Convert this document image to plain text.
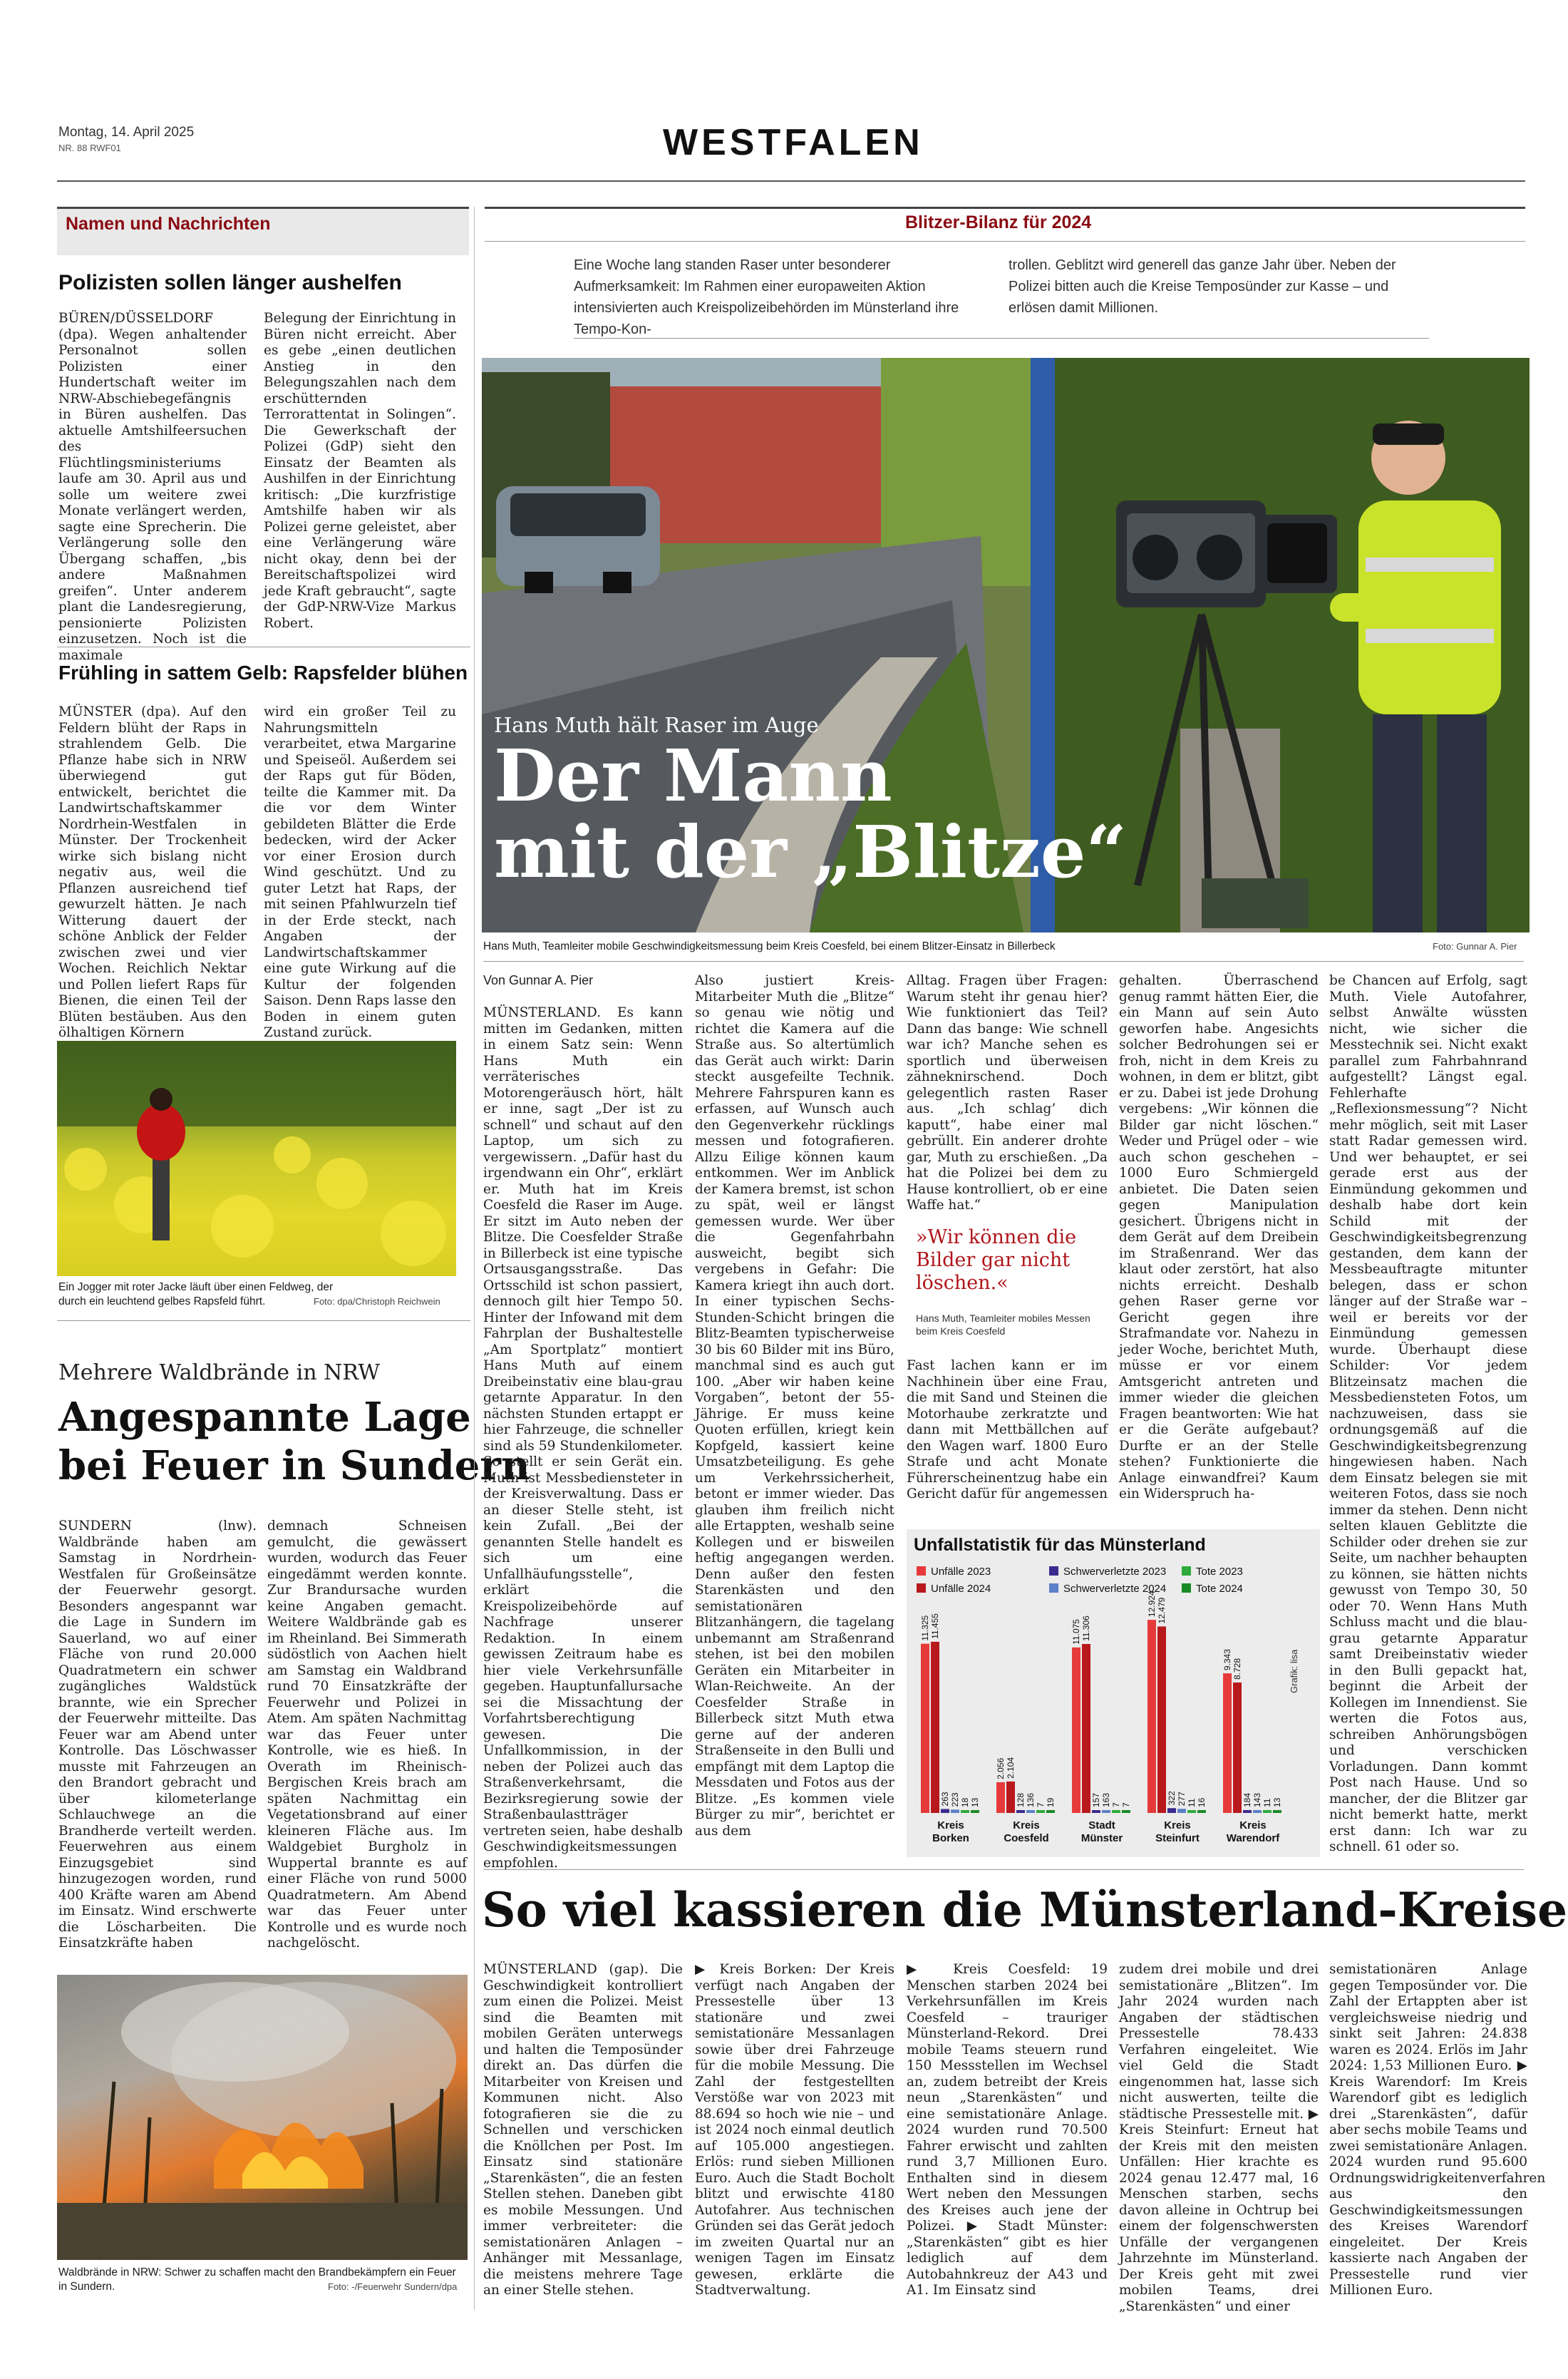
Montag, 14. April 2025
NR. 88 RWF01	WESTFALEN
Namen und Nachrichten
Polizisten sollen länger aushelfen
BÜREN/DÜSSELDORF (dpa). Wegen anhaltender Personalnot sollen Polizisten einer Hundertschaft weiter im NRW-Abschiebegefängnis in Büren aushelfen. Das aktuelle Amtshilfeersuchen des Flüchtlingsministeriums laufe am 30. April aus und solle um weitere zwei Monate verlängert werden, sagte eine Sprecherin. Die Verlängerung solle den Übergang schaffen, „bis andere Maßnahmen greifen“. Unter anderem plant die Landesregierung, pensionierte Polizisten einzusetzen. Noch ist die maximale
Belegung der Einrichtung in Büren nicht erreicht. Aber es gebe „einen deutlichen Anstieg in den Belegungszahlen nach dem erschütternden Terrorattentat in Solingen“. Die Gewerkschaft der Polizei (GdP) sieht den Einsatz der Beamten als Aushilfen in der Einrichtung kritisch: „Die kurzfristige Amtshilfe haben wir als Polizei gerne geleistet, aber eine Verlängerung wäre nicht okay, denn bei der Bereitschaftspolizei wird jede Kraft gebraucht“, sagte der GdP-NRW-Vize Markus Robert.
Frühling in sattem Gelb: Rapsfelder blühen
MÜNSTER (dpa). Auf den Feldern blüht der Raps in strahlendem Gelb. Die Pflanze habe sich in NRW überwiegend gut entwickelt, berichtet die Landwirtschaftskammer Nordrhein-Westfalen in Münster. Der Trockenheit wirke sich bislang nicht negativ aus, weil die Pflanzen ausreichend tief gewurzelt hätten. Je nach Witterung dauert der schöne Anblick der Felder zwischen zwei und vier Wochen. Reichlich Nektar und Pollen liefert Raps für Bienen, die einen Teil der Blüten bestäuben. Aus den ölhaltigen Körnern
wird ein großer Teil zu Nahrungsmitteln verarbeitet, etwa Margarine und Speiseöl. Außerdem sei der Raps gut für Böden, teilte die Kammer mit. Da die vor dem Winter gebildeten Blätter die Erde bedecken, wird der Acker vor einer Erosion durch Wind geschützt. Und zu guter Letzt hat Raps, der mit seinen Pfahlwurzeln tief in der Erde steckt, nach Angaben der Landwirtschaftskammer eine gute Wirkung auf die Kultur der folgenden Saison. Denn Raps lasse den Boden in einem guten Zustand zurück.
Ein Jogger mit roter Jacke läuft über einen Feldweg, der durch ein leuchtend gelbes Rapsfeld führt.	Foto: dpa/Christoph Reichwein
Mehrere Waldbrände in NRW
Angespannte Lage
bei Feuer in Sundern
SUNDERN (lnw). Waldbrände haben am Samstag in Nordrhein-Westfalen für Großeinsätze der Feuerwehr gesorgt. Besonders angespannt war die Lage in Sundern im Sauerland, wo auf einer Fläche von rund 20.000 Quadratmetern ein schwer zugängliches Waldstück brannte, wie ein Sprecher der Feuerwehr mitteilte. Das Feuer war am Abend unter Kontrolle. Das Löschwasser musste mit Fahrzeugen an den Brandort gebracht und über kilometerlange Schlauchwege an die Brandherde verteilt werden. Feuerwehren aus einem Einzugsgebiet sind hinzugezogen worden, rund 400 Kräfte waren am Abend im Einsatz. Wind erschwerte die Löscharbeiten. Die Einsatzkräfte haben
demnach Schneisen gemulcht, die gewässert wurden, wodurch das Feuer eingedämmt werden konnte. Zur Brandursache wurden keine Angaben gemacht. Weitere Waldbrände gab es im Rheinland. Bei Simmerath südöstlich von Aachen hielt am Samstag ein Waldbrand rund 70 Einsatzkräfte der Feuerwehr und Polizei in Atem. Am späten Nachmittag war das Feuer unter Kontrolle, wie es hieß. In Overath im Rheinisch-Bergischen Kreis brach am späten Nachmittag ein Vegetationsbrand auf einer kleineren Fläche aus. Im Waldgebiet Burgholz in Wuppertal brannte es auf einer Fläche von rund 5000 Quadratmetern. Am Abend war das Feuer unter Kontrolle und es wurde noch nachgelöscht.
Waldbrände in NRW: Schwer zu schaffen macht den Brandbekämpfern ein Feuer in Sundern.	Foto: -/Feuerwehr Sundern/dpa
Blitzer-Bilanz für 2024
Eine Woche lang standen Raser unter besonderer Aufmerksamkeit: Im Rahmen einer europaweiten Aktion intensivierten auch Kreispolizeibehörden im Münsterland ihre Tempo-Kon-
trollen. Geblitzt wird generell das ganze Jahr über. Neben der Polizei bitten auch die Kreise Temposünder zur Kasse – und erlösen damit Millionen.
Hans Muth hält Raser im Auge
Der Mann
mit der „Blitze“
Hans Muth, Teamleiter mobile Geschwindigkeitsmessung beim Kreis Coesfeld, bei einem Blitzer-Einsatz in Billerbeck	Foto: Gunnar A. Pier
Von Gunnar A. Pier
MÜNSTERLAND. Es kann mitten im Gedanken, mitten in einem Satz sein: Wenn Hans Muth ein verräterisches Motorengeräusch hört, hält er inne, sagt „Der ist zu schnell“ und schaut auf den Laptop, um sich zu vergewissern. „Dafür hast du irgendwann ein Ohr“, erklärt er. Muth hat im Kreis Coesfeld die Raser im Auge. Er sitzt im Auto neben der Blitze. Die Coesfelder Straße in Billerbeck ist eine typische Ortsausgangsstraße. Das Ortsschild ist schon passiert, dennoch gilt hier Tempo 50. Hinter der Infowand mit dem Fahrplan der Bushaltestelle „Am Sportplatz“ montiert Hans Muth auf einem Dreibeinstativ eine blau-grau getarnte Apparatur. In den nächsten Stunden ertappt er hier Fahrzeuge, die schneller sind als 59 Stundenkilometer. So stellt er sein Gerät ein. Muth ist Messbediensteter in der Kreisverwaltung. Dass er an dieser Stelle steht, ist kein Zufall. „Bei der genannten Stelle handelt es sich um eine Unfallhäufungsstelle“, erklärt die Kreispolizeibehörde auf Nachfrage unserer Redaktion. In einem gewissen Zeitraum habe es hier viele Verkehrsunfälle gegeben. Hauptunfallursache sei die Missachtung der Vorfahrtsberechtigung gewesen. Die Unfallkommission, in der neben der Polizei auch das Straßenverkehrsamt, die Bezirksregierung sowie der Straßenbaulastträger vertreten seien, habe deshalb Geschwindigkeitsmessungen empfohlen.
Also justiert Kreis-Mitarbeiter Muth die „Blitze“ so genau wie nötig und richtet die Kamera auf die Straße aus. So altertümlich das Gerät auch wirkt: Darin steckt ausgefeilte Technik. Mehrere Fahrspuren kann es erfassen, auf Wunsch auch den Gegenverkehr rücklings messen und fotografieren. Allzu Eilige können kaum entkommen. Wer im Anblick der Kamera bremst, ist schon zu spät, weil er längst gemessen wurde. Wer über die Gegenfahrbahn ausweicht, begibt sich vergebens in Gefahr: Die Kamera kriegt ihn auch dort. In einer typischen Sechs-Stunden-Schicht bringen die Blitz-Beamten typischerweise 30 bis 60 Bilder mit ins Büro, manchmal sind es auch gut 100. „Aber wir haben keine Vorgaben“, betont der 55-Jährige. Er muss keine Quoten erfüllen, kriegt kein Kopfgeld, kassiert keine Umsatzbeteiligung. Es gehe um Verkehrssicherheit, betont er immer wieder. Das glauben ihm freilich nicht alle Ertappten, weshalb seine Kollegen und er bisweilen heftig angegangen werden. Denn außer den festen Starenkästen und den semistationären Blitzanhängern, die tagelang unbemannt am Straßenrand stehen, ist bei den mobilen Geräten ein Mitarbeiter in Wlan-Reichweite. An der Coesfelder Straße in Billerbeck sitzt Muth etwa gerne auf der anderen Straßenseite in den Bulli und empfängt mit dem Laptop die Messdaten und Fotos aus der Blitze. „Es kommen viele Bürger zu mir“, berichtet er aus dem
Alltag. Fragen über Fragen: Warum steht ihr genau hier? Wie funktioniert das Teil? Dann das bange: Wie schnell war ich? Manche sehen es sportlich und überweisen zähneknirschend. Doch gelegentlich rasten Raser aus. „Ich schlag’ dich kaputt“, habe einer mal gebrüllt. Ein anderer drohte gar, Muth zu erschießen. „Da hat die Polizei bei dem zu Hause kontrolliert, ob er eine Waffe hat.“
»Wir können die Bilder gar nicht löschen.«
Hans Muth, Teamleiter mobiles Messen beim Kreis Coesfeld
Fast lachen kann er im Nachhinein über eine Frau, die mit Sand und Steinen die Motorhaube zerkratzte und dann mit Mettbällchen auf den Wagen warf. 1800 Euro Strafe und acht Monate Führerscheinentzug habe ein Gericht dafür für angemessen
gehalten. Überraschend genug rammt hätten Eier, die ein Mann auf sein Auto geworfen habe. Angesichts solcher Bedrohungen sei er froh, nicht in dem Kreis zu wohnen, in dem er blitzt, gibt er zu. Dabei ist jede Drohung vergebens: „Wir können die Bilder gar nicht löschen.“ Weder und Prügel oder – wie auch schon geschehen – 1000 Euro Schmiergeld anbietet. Die Daten seien gegen Manipulation gesichert. Übrigens nicht in dem Gerät auf dem Dreibein im Straßenrand. Wer das klaut oder zerstört, hat also nichts erreicht. Deshalb gehen Raser gerne vor Gericht gegen ihre Strafmandate vor. Nahezu in jeder Woche, berichtet Muth, müsse er vor einem Amtsgericht antreten und immer wieder die gleichen Fragen beantworten: Wie hat er die Geräte aufgebaut? Durfte er an der Stelle stehen? Funktionierte die Anlage einwandfrei? Kaum ein Widerspruch ha-
be Chancen auf Erfolg, sagt Muth. Viele Autofahrer, selbst Anwälte wüssten nicht, wie sicher die Messtechnik sei. Nicht exakt parallel zum Fahrbahnrand aufgestellt? Längst egal. Fehlerhafte „Reflexionsmessung“? Nicht mehr möglich, seit mit Laser statt Radar gemessen wird. Und wer behauptet, er sei gerade erst aus der Einmündung gekommen und deshalb habe dort kein Schild mit der Geschwindigkeitsbegrenzung gestanden, dem kann der Messbeauftragte mitunter belegen, dass er schon länger auf der Straße war – weil er bereits vor der Einmündung gemessen wurde. Überhaupt diese Schilder: Vor jedem Blitzeinsatz machen die Messbediensteten Fotos, um nachzuweisen, dass sie ordnungsgemäß auf die Geschwindigkeitsbegrenzung hingewiesen haben. Nach dem Einsatz belegen sie mit weiteren Fotos, dass sie noch immer da stehen. Denn nicht selten klauen Geblitzte die Schilder oder drehen sie zur Seite, um nachher behaupten zu können, sie hätten nichts gewusst von Tempo 30, 50 oder 70. Wenn Hans Muth Schluss macht und die blau-grau getarnte Apparatur samt Dreibeinstativ wieder in den Bulli gepackt hat, beginnt die Arbeit der Kollegen im Innendienst. Sie werten die Fotos aus, schreiben Anhörungsbögen und verschicken Vorladungen. Dann kommt Post nach Hause. Und so mancher, der die Blitzer gar nicht bemerkt hatte, merkt erst dann: Ich war zu schnell. 61 oder so.
Unfallstatistik für das Münsterland
Unfälle 2023	Schwerverletzte 2023	Tote 2023
Unfälle 2024	Schwerverletzte 2024	Tote 2024
11.325 11.455
263 223 18 13
2.056 2.104
128 136 7 19
11.075 11.306
157 163 7 7
12.924 12.479
322 277 11 16
9.343 8.728
184 143 11 13
Kreis
Borken
Kreis
Coesfeld
Stadt
Münster
Kreis
Steinfurt
Kreis
Warendorf
Grafik: lisa
So viel kassieren die Münsterland-Kreise
MÜNSTERLAND (gap). Die Geschwindigkeit kontrolliert zum einen die Polizei. Meist sind die Beamten mit mobilen Geräten unterwegs und halten die Temposünder direkt an. Das dürfen die Mitarbeiter von Kreisen und Kommunen nicht. Also fotografieren sie die zu Schnellen und verschicken die Knöllchen per Post. Im Einsatz sind stationäre „Starenkästen“, die an festen Stellen stehen. Daneben gibt es mobile Messungen. Und immer verbreiteter: die semistationären Anlagen – Anhänger mit Messanlage, die meistens mehrere Tage an einer Stelle stehen.
▶ Kreis Borken: Der Kreis verfügt nach Angaben der Pressestelle über 13 stationäre und zwei semistationäre Messanlagen sowie über drei Fahrzeuge für die mobile Messung. Die Zahl der festgestellten Verstöße war von 2023 mit 88.694 so hoch wie nie – und ist 2024 noch einmal deutlich auf 105.000 angestiegen. Erlös: rund sieben Millionen Euro. Auch die Stadt Bocholt blitzt und erwischte 4180 Autofahrer. Aus technischen Gründen sei das Gerät jedoch im zweiten Quartal nur an wenigen Tagen im Einsatz gewesen, erklärte die Stadtverwaltung.
▶ Kreis Coesfeld: 19 Menschen starben 2024 bei Verkehrsunfällen im Kreis Coesfeld – trauriger Münsterland-Rekord. Drei mobile Teams steuern rund 150 Messstellen im Wechsel an, zudem betreibt der Kreis neun „Starenkästen“ und eine semistationäre Anlage. 2024 wurden rund 70.500 Fahrer erwischt und zahlten rund 3,7 Millionen Euro. Enthalten sind in diesem Wert neben den Messungen des Kreises auch jene der Polizei. ▶ Stadt Münster: „Starenkästen“ gibt es hier lediglich auf dem Autobahnkreuz der A43 und A1. Im Einsatz sind
zudem drei mobile und drei semistationäre „Blitzen“. Im Jahr 2024 wurden nach Angaben der städtischen Pressestelle 78.433 Verfahren eingeleitet. Wie viel Geld die Stadt eingenommen hat, lasse sich nicht auswerten, teilte die städtische Pressestelle mit. ▶ Kreis Steinfurt: Erneut hat der Kreis mit den meisten Unfällen: Hier krachte es 2024 genau 12.477 mal, 16 Menschen starben, sechs davon alleine in Ochtrup bei einem der folgenschwersten Unfälle der vergangenen Jahrzehnte im Münsterland. Der Kreis geht mit zwei mobilen Teams, drei „Starenkästen“ und einer
semistationären Anlage gegen Temposünder vor. Die Zahl der Ertappten aber ist vergleichsweise niedrig und sinkt seit Jahren: 24.838 waren es 2024. Erlös im Jahr 2024: 1,53 Millionen Euro. ▶ Kreis Warendorf: Im Kreis Warendorf gibt es lediglich drei „Starenkästen“, dafür aber sechs mobile Teams und zwei semistationäre Anlagen. 2024 wurden rund 95.600 Ordnungswidrigkeitenverfahren aus den Geschwindigkeitsmessungen des Kreises Warendorf eingeleitet. Der Kreis kassierte nach Angaben der Pressestelle rund vier Millionen Euro.
